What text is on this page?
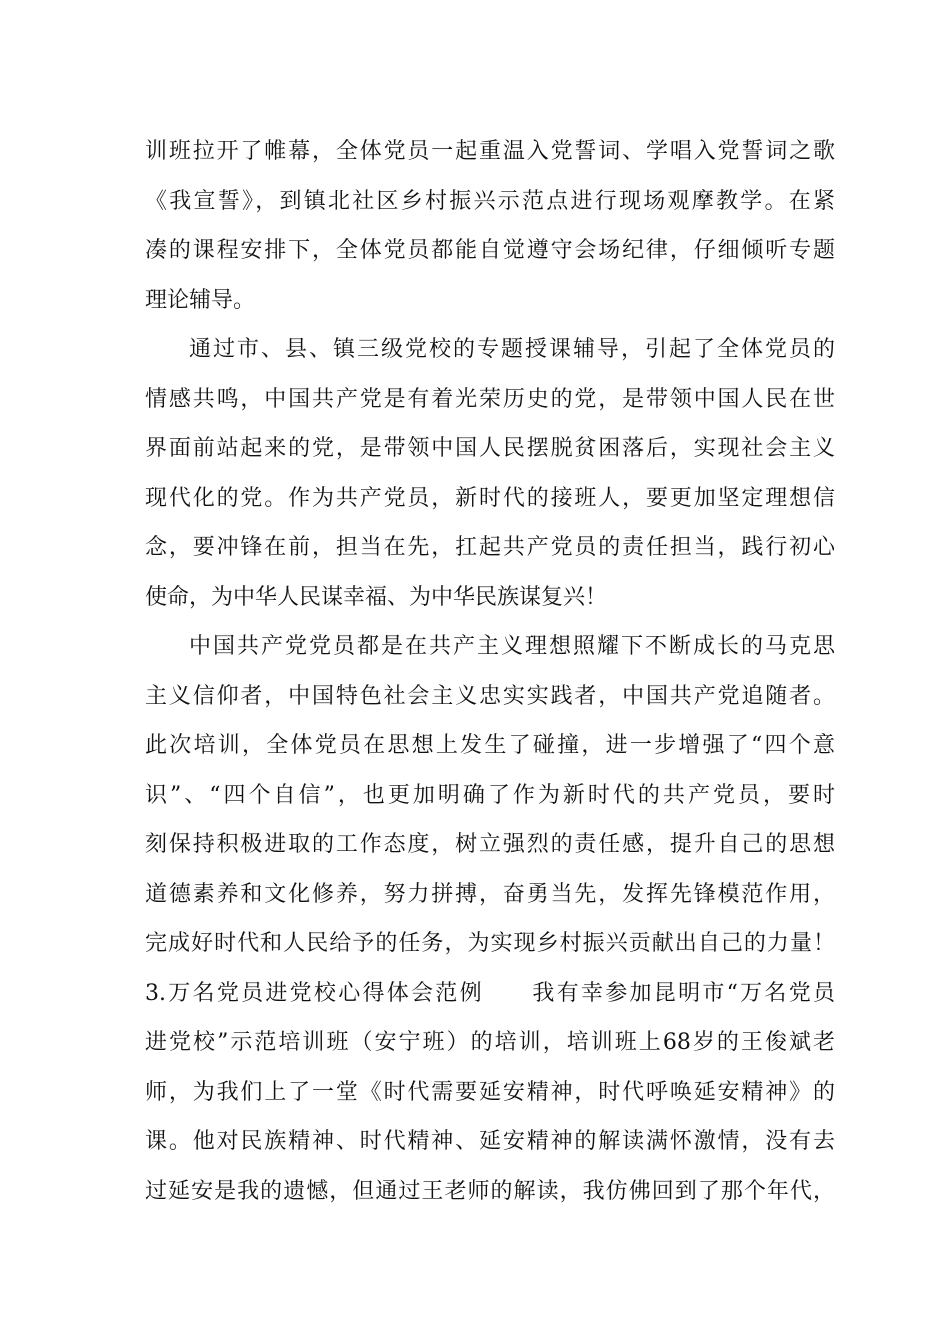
训班拉开了帷幕，全体党员一起重温入党誓词、学唱入党誓词之歌
《我宣誓》，到镇北社区乡村振兴示范点进行现场观摩教学。在紧
凑的课程安排下，全体党员都能自觉遵守会场纪律，仔细倾听专题
理论辅导。
通过市、县、镇三级党校的专题授课辅导，引起了全体党员的
情感共鸣，中国共产党是有着光荣历史的党，是带领中国人民在世
界面前站起来的党，是带领中国人民摆脱贫困落后，实现社会主义
现代化的党。作为共产党员，新时代的接班人，要更加坚定理想信
念，要冲锋在前，担当在先，扛起共产党员的责任担当，践行初心
使命，为中华人民谋幸福、为中华民族谋复兴！
中国共产党党员都是在共产主义理想照耀下不断成长的马克思
主义信仰者，中国特色社会主义忠实实践者，中国共产党追随者。
此次培训，全体党员在思想上发生了碰撞，进一步增强了“四个意
识”、“四个自信”，也更加明确了作为新时代的共产党员，要时
刻保持积极进取的工作态度，树立强烈的责任感，提升自己的思想
道德素养和文化修养，努力拼搏，奋勇当先，发挥先锋模范作用，
完成好时代和人民给予的任务，为实现乡村振兴贡献出自己的力量！
3.万名党员进党校心得体会范例　　我有幸参加昆明市“万名党员
进党校”示范培训班（安宁班）的培训，培训班上68岁的王俊斌老
师，为我们上了一堂《时代需要延安精神，时代呼唤延安精神》的
课。他对民族精神、时代精神、延安精神的解读满怀激情，没有去
过延安是我的遗憾，但通过王老师的解读，我仿佛回到了那个年代，
